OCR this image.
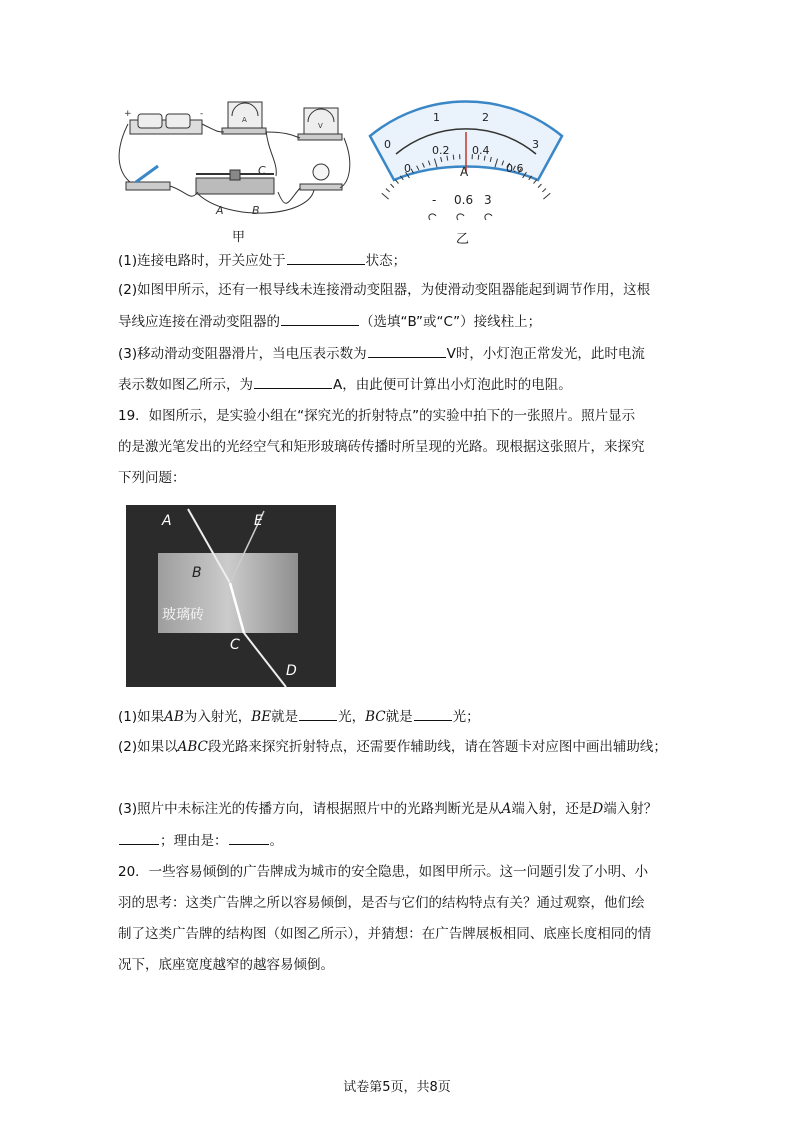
+	-
A
V
A	B
C
甲
0
1	2
3
0
0.2 0.4
0.6
A
- 0.6 3
乙
(1)连接电路时，开关应处于	状态；
(2)如图甲所示，还有一根导线未连接滑动变阻器，为使滑动变阻器能起到调节作用，这根
导线应连接在滑动变阻器的	（选填“B”或“C”）接线柱上；
(3)移动滑动变阻器滑片，当电压表示数为	V时，小灯泡正常发光，此时电流
表示数如图乙所示，为	A，由此便可计算出小灯泡此时的电阻。
19．如图所示，是实验小组在“探究光的折射特点”的实验中拍下的一张照片。照片显示
的是激光笔发出的光经空气和矩形玻璃砖传播时所呈现的光路。现根据这张照片，来探究
下列问题：
A	E
B
玻璃砖
C
D
(1)如果AB为入射光，BE就是	光，BC就是	光；
(2)如果以ABC段光路来探究折射特点，还需要作辅助线，请在答题卡对应图中画出辅助线；
(3)照片中未标注光的传播方向，请根据照片中的光路判断光是从A端入射，还是D端入射？
；理由是：	。
20．一些容易倾倒的广告牌成为城市的安全隐患，如图甲所示。这一问题引发了小明、小
羽的思考：这类广告牌之所以容易倾倒，是否与它们的结构特点有关？通过观察，他们绘
制了这类广告牌的结构图（如图乙所示），并猜想：在广告牌展板相同、底座长度相同的情
况下，底座宽度越窄的越容易倾倒。
试卷第5页，共8页
